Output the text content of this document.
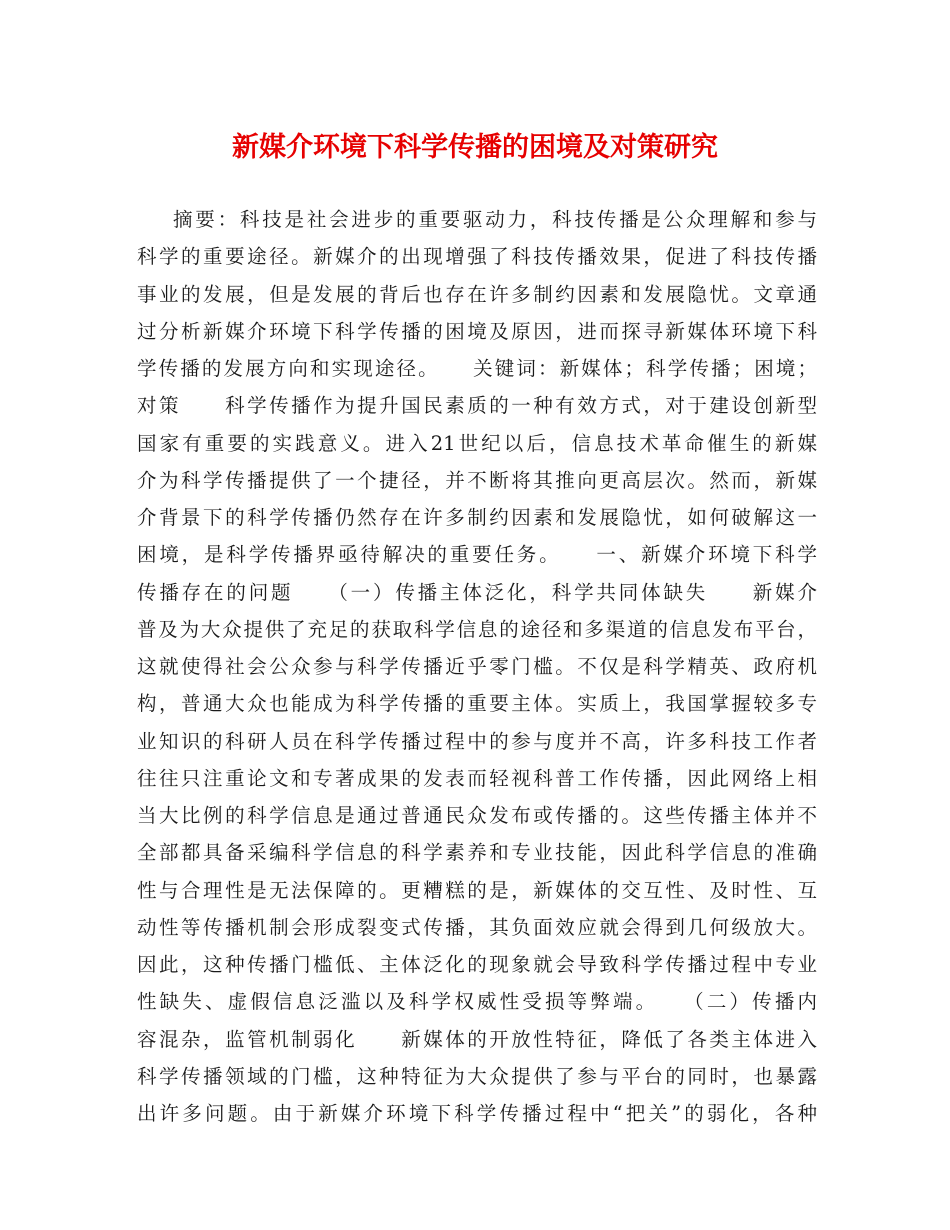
新媒介环境下科学传播的困境及对策研究
摘要：科技是社会进步的重要驱动力，科技传播是公众理解和参与
科学的重要途径。新媒介的出现增强了科技传播效果，促进了科技传播
事业的发展，但是发展的背后也存在许多制约因素和发展隐忧。文章通
过分析新媒介环境下科学传播的困境及原因，进而探寻新媒体环境下科
学传播的发展方向和实现途径。　　关键词：新媒体；科学传播；困境；
对策　　科学传播作为提升国民素质的一种有效方式，对于建设创新型
国家有重要的实践意义。进入21世纪以后，信息技术革命催生的新媒
介为科学传播提供了一个捷径，并不断将其推向更高层次。然而，新媒
介背景下的科学传播仍然存在许多制约因素和发展隐忧，如何破解这一
困境，是科学传播界亟待解决的重要任务。　　一、新媒介环境下科学
传播存在的问题　　（一）传播主体泛化，科学共同体缺失　　新媒介
普及为大众提供了充足的获取科学信息的途径和多渠道的信息发布平台，
这就使得社会公众参与科学传播近乎零门槛。不仅是科学精英、政府机
构，普通大众也能成为科学传播的重要主体。实质上，我国掌握较多专
业知识的科研人员在科学传播过程中的参与度并不高，许多科技工作者
往往只注重论文和专著成果的发表而轻视科普工作传播，因此网络上相
当大比例的科学信息是通过普通民众发布或传播的。这些传播主体并不
全部都具备采编科学信息的科学素养和专业技能，因此科学信息的准确
性与合理性是无法保障的。更糟糕的是，新媒体的交互性、及时性、互
动性等传播机制会形成裂变式传播，其负面效应就会得到几何级放大。
因此，这种传播门槛低、主体泛化的现象就会导致科学传播过程中专业
性缺失、虚假信息泛滥以及科学权威性受损等弊端。　　（二）传播内
容混杂，监管机制弱化　　新媒体的开放性特征，降低了各类主体进入
科学传播领域的门槛，这种特征为大众提供了参与平台的同时，也暴露
出许多问题。由于新媒介环境下科学传播过程中“把关”的弱化，各种
